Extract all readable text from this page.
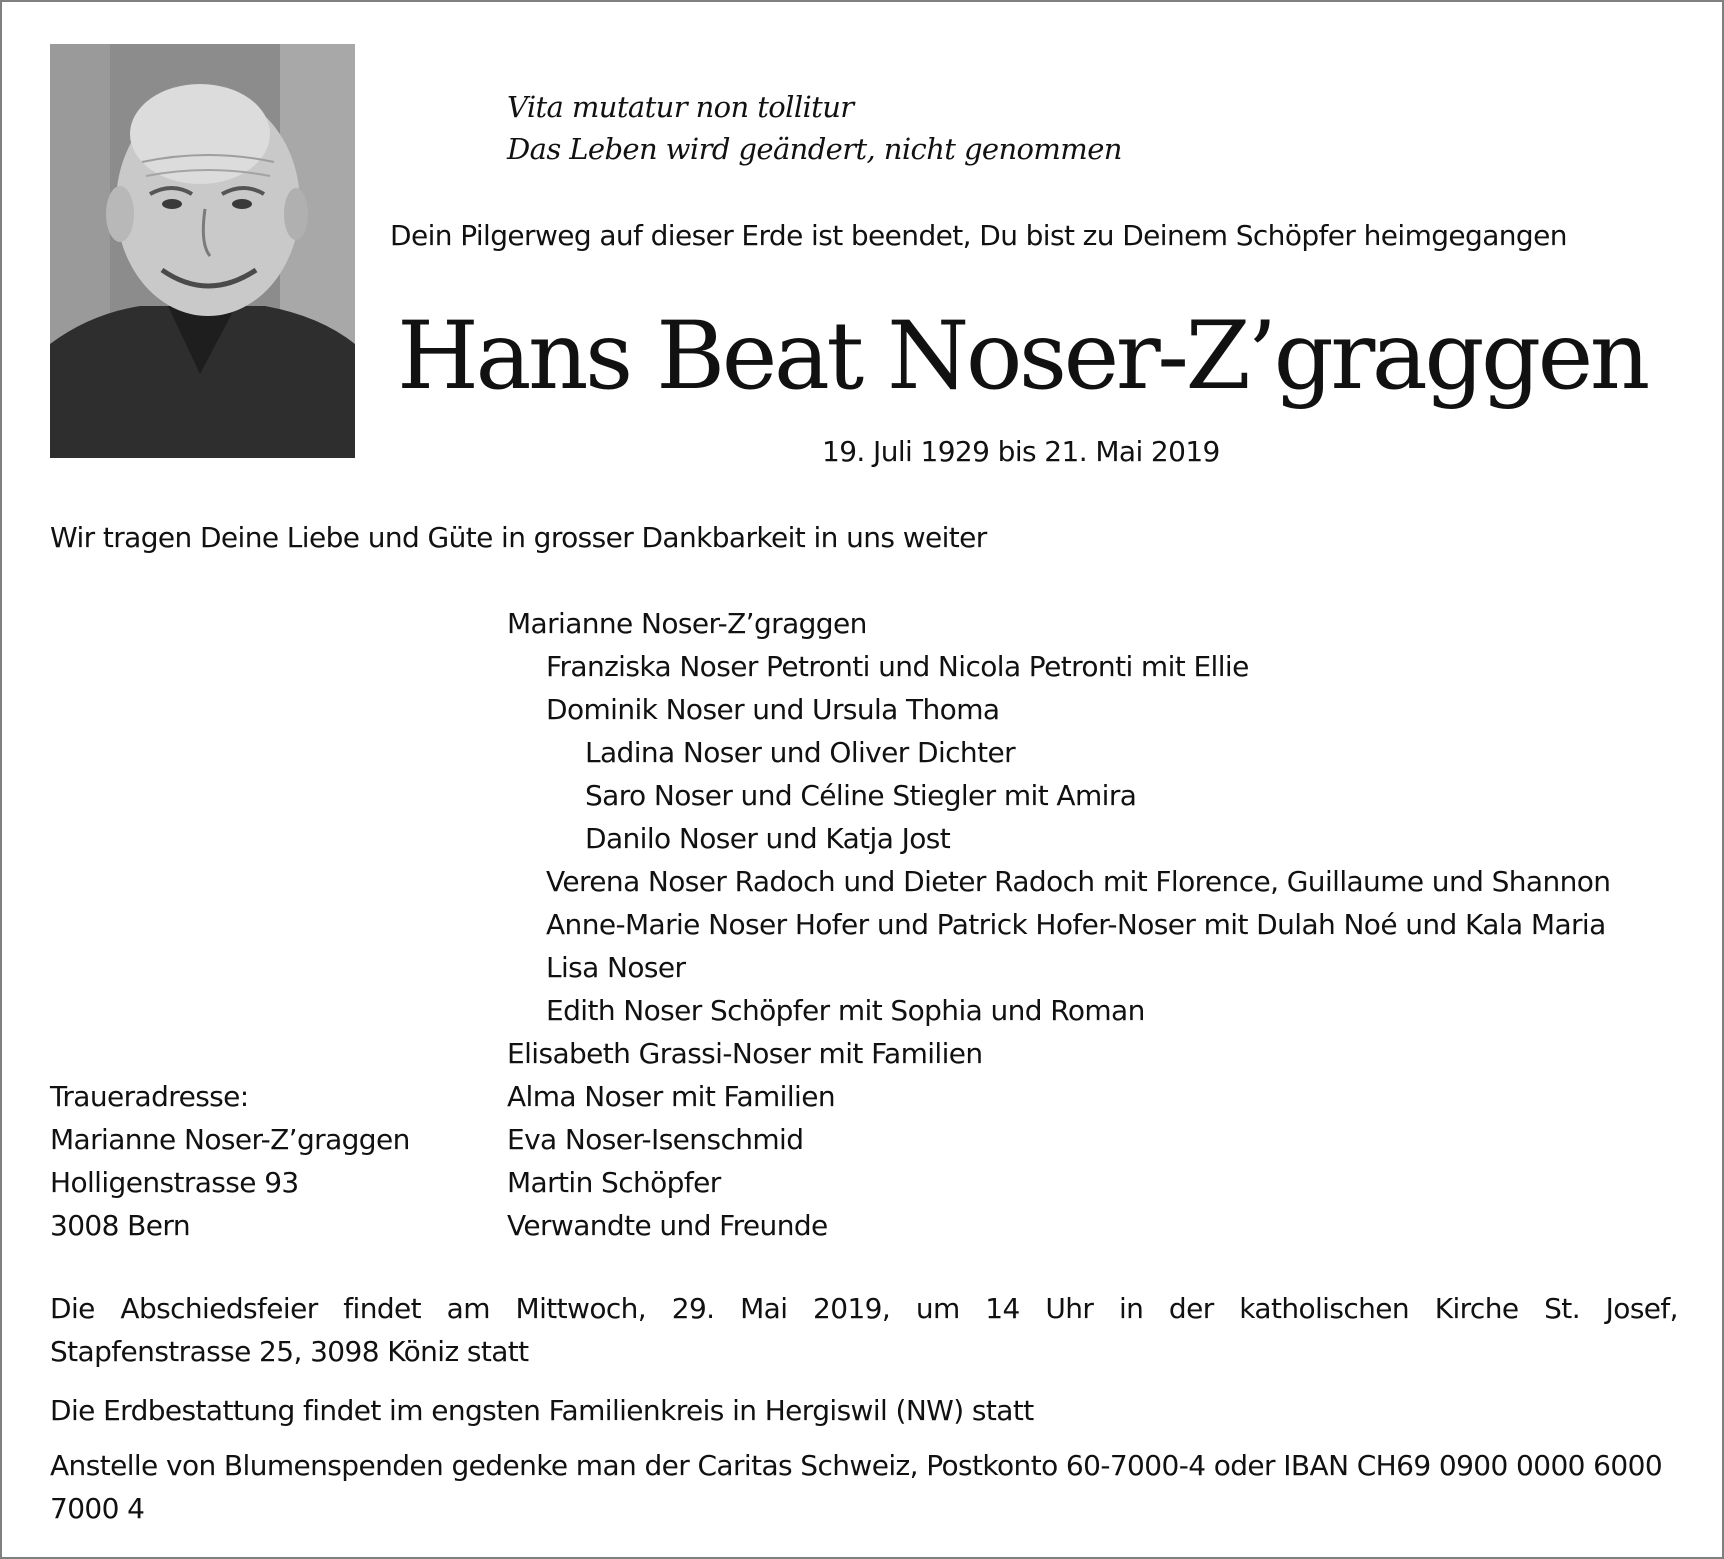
Vita mutatur non tollitur
Das Leben wird geändert, nicht genommen
Dein Pilgerweg auf dieser Erde ist beendet, Du bist zu Deinem Schöpfer heimgegangen
Hans Beat Noser-Z’graggen
19. Juli 1929 bis 21. Mai 2019
Wir tragen Deine Liebe und Güte in grosser Dankbarkeit in uns weiter
Marianne Noser-Z’graggen
Franziska Noser Petronti und Nicola Petronti mit Ellie
Dominik Noser und Ursula Thoma
Ladina Noser und Oliver Dichter
Saro Noser und Céline Stiegler mit Amira
Danilo Noser und Katja Jost
Verena Noser Radoch und Dieter Radoch mit Florence, Guillaume und Shannon
Anne-Marie Noser Hofer und Patrick Hofer-Noser mit Dulah Noé und Kala Maria
Lisa Noser
Edith Noser Schöpfer mit Sophia und Roman
Elisabeth Grassi-Noser mit Familien
Alma Noser mit Familien
Eva Noser-Isenschmid
Martin Schöpfer
Verwandte und Freunde
Traueradresse:
Marianne Noser-Z’graggen
Holligenstrasse 93
3008 Bern
Die Abschiedsfeier findet am Mittwoch, 29. Mai 2019, um 14 Uhr in der katholischen Kirche St. Josef,
Stapfenstrasse 25, 3098 Köniz statt
Die Erdbestattung findet im engsten Familienkreis in Hergiswil (NW) statt
Anstelle von Blumenspenden gedenke man der Caritas Schweiz, Postkonto 60-7000-4 oder IBAN CH69 0900 0000 6000 7000 4
